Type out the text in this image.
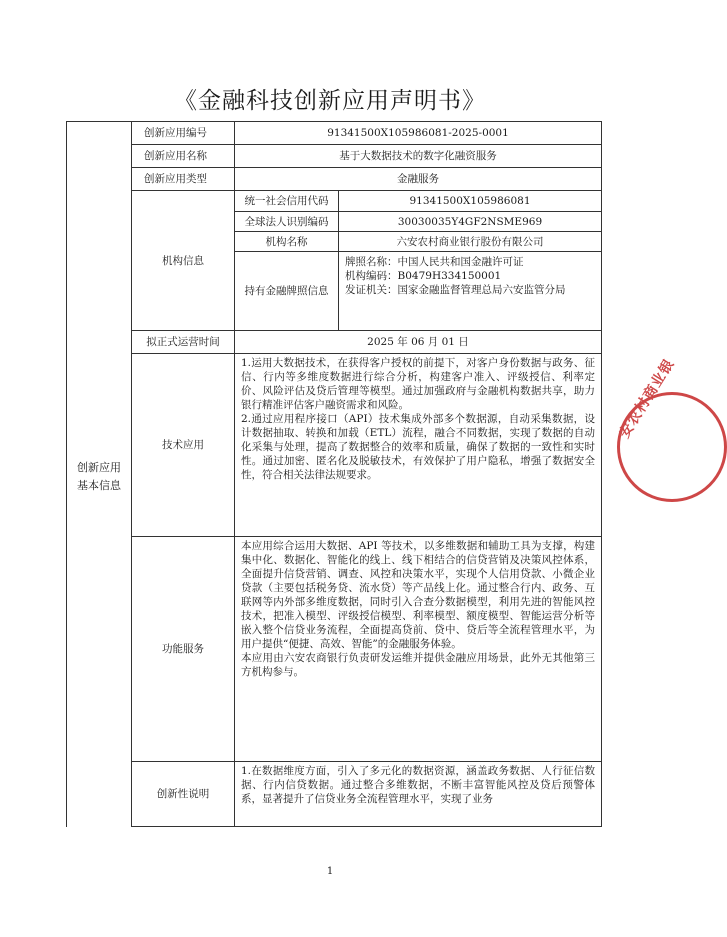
《金融科技创新应用声明书》
	创新应用编号	91341500X105986081-2025-0001	
	创新应用名称	基于大数据技术的数字化融资服务	
	创新应用类型	金融服务	
	机构信息	统一社会信用代码	91341500X105986081
		全球法人识别编码	30030035Y4GF2NSME969
		机构名称	六安农村商业银行股份有限公司
		持有金融牌照信息	牌照名称：中国人民共和国金融许可证
机构编码：B0479H334150001
发证机关：国家金融监督管理总局六安监管分局

	拟正式运营时间	2025 年 06 月 01 日	
	技术应用	1.运用大数据技术，在获得客户授权的前提下，对客户身份数据与政务、征信、行内等多维度数据进行综合分析，构建客户准入、评级授信、利率定价、风险评估及贷后管理等模型。通过加强政府与金融机构数据共享，助力银行精准评估客户融资需求和风险。
2.通过应用程序接口（API）技术集成外部多个数据源，自动采集数据，设计数据抽取、转换和加载（ETL）流程，融合不同数据，实现了数据的自动化采集与处理，提高了数据整合的效率和质量，确保了数据的一致性和实时性。通过加密、匿名化及脱敏技术，有效保护了用户隐私，增强了数据安全性，符合相关法律法规要求。	

	功能服务	本应用综合运用大数据、API 等技术，以多维数据和辅助工具为支撑，构建集中化、数据化、智能化的线上、线下相结合的信贷营销及决策风控体系，全面提升信贷营销、调查、风控和决策水平，实现个人信用贷款、小微企业贷款（主要包括税务贷、流水贷）等产品线上化。通过整合行内、政务、互联网等内外部多维度数据，同时引入合查分数据模型，利用先进的智能风控技术，把准入模型、评级授信模型、利率模型、额度模型、智能运营分析等嵌入整个信贷业务流程，全面提高贷前、贷中、贷后等全流程管理水平，为用户提供“便捷、高效、智能”的金融服务体验。
本应用由六安农商银行负责研发运维并提供金融应用场景，此外无其他第三方机构参与。	

	创新性说明	1.在数据维度方面，引入了多元化的数据资源，涵盖政务数据、人行征信数据、行内信贷数据。通过整合多维数据，不断丰富智能风控及贷后预警体系，显著提升了信贷业务全流程管理水平，实现了业务	
创新应用
基本信息
1
安农村商业银
